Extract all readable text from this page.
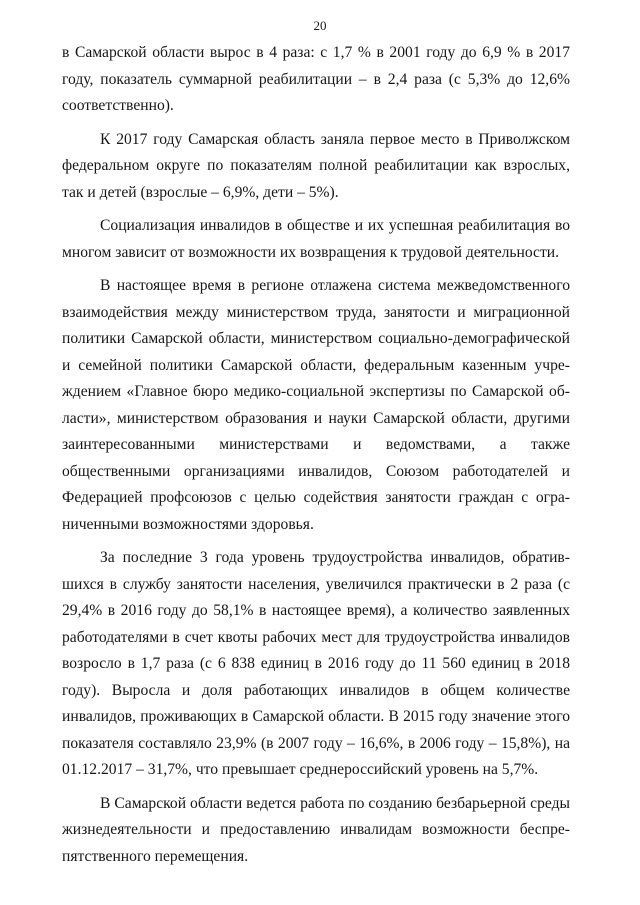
20

в Самарской области вырос в 4 раза: с 1,7 % в 2001 году до 6,9 % в 2017 году, показатель суммарной реабилитации – в 2,4 раза (с 5,3% до 12,6% соответственно).

К 2017 году Самарская область заняла первое место в Приволжском федеральном округе по показателям полной реабилитации как взрослых, так и детей (взрослые – 6,9%, дети – 5%).

Социализация инвалидов в обществе и их успешная реабилитация во многом зависит от возможности их возвращения к трудовой деятельности.

В настоящее время в регионе отлажена система межведомственного взаимодействия между министерством труда, занятости и миграционной политики Самарской области, министерством социально-демографической и семейной политики Самарской области, федеральным казенным учреждением «Главное бюро медико-социальной экспертизы по Самарской области», министерством образования и науки Самарской области, другими заинтересованными министерствами и ведомствами, а также общественными организациями инвалидов, Союзом работодателей и Федерацией профсоюзов с целью содействия занятости граждан с ограниченными возможностями здоровья.

За последние 3 года уровень трудоустройства инвалидов, обратившихся в службу занятости населения, увеличился практически в 2 раза (с 29,4% в 2016 году до 58,1% в настоящее время), а количество заявленных работодателями в счет квоты рабочих мест для трудоустройства инвалидов возросло в 1,7 раза (с 6 838 единиц в 2016 году до 11 560 единиц в 2018 году). Выросла и доля работающих инвалидов в общем количестве инвалидов, проживающих в Самарской области. В 2015 году значение этого показателя составляло 23,9% (в 2007 году – 16,6%, в 2006 году – 15,8%), на 01.12.2017 – 31,7%, что превышает среднероссийский уровень на 5,7%.

В Самарской области ведется работа по созданию безбарьерной среды жизнедеятельности и предоставлению инвалидам возможности беспрепятственного перемещения.
